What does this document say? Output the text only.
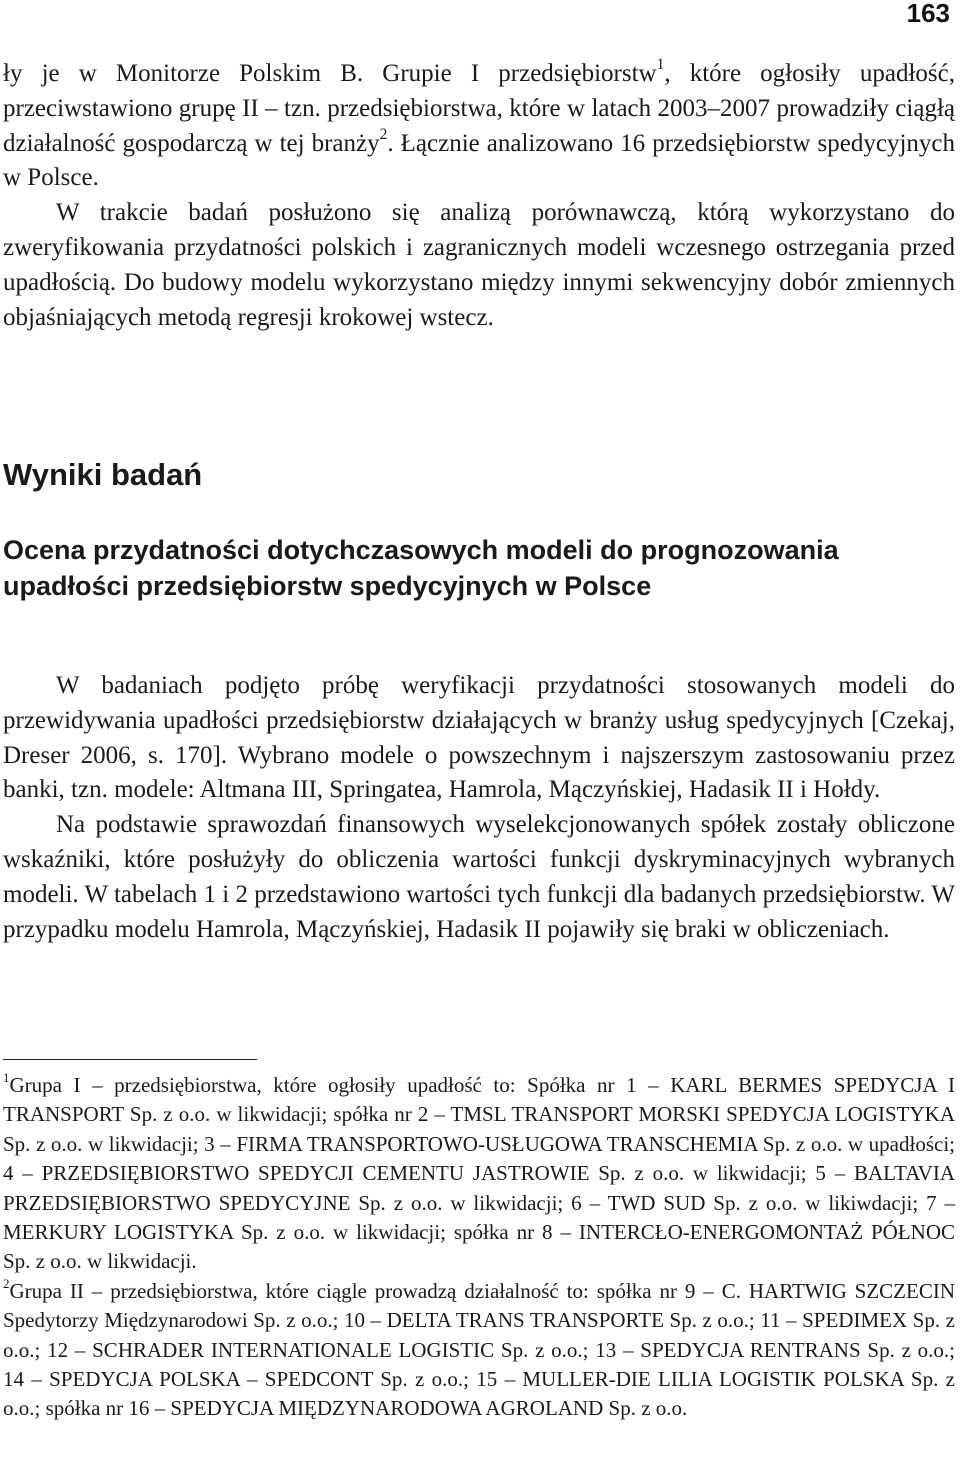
163

ły je w Monitorze Polskim B. Grupie I przedsiębiorstw$^1$, które ogłosiły upadłość, przeciwstawiono grupę II – tzn. przedsiębiorstwa, które w latach 2003–2007 prowadziły ciągłą działalność gospodarczą w tej branży$^2$. Łącznie analizowano 16 przedsiębiorstw spedycyjnych w Polsce.

W trakcie badań posłużono się analizą porównawczą, którą wykorzystano do zweryfikowania przydatności polskich i zagranicznych modeli wczesnego ostrzegania przed upadłością. Do budowy modelu wykorzystano między innymi sekwencyjny dobór zmiennych objaśniających metodą regresji krokowej wstecz.

Wyniki badań
Ocena przydatności dotychczasowych modeli do prognozowania upadłości przedsiębiorstw spedycyjnych w Polsce

W badaniach podjęto próbę weryfikacji przydatności stosowanych modeli do przewidywania upadłości przedsiębiorstw działających w branży usług spedycyjnych [Czekaj, Dreser 2006, s. 170]. Wybrano modele o powszechnym i najszerszym zastosowaniu przez banki, tzn. modele: Altmana III, Springatea, Hamrola, Mączyńskiej, Hadasik II i Hołdy.

Na podstawie sprawozdań finansowych wyselekcjonowanych spółek zostały obliczone wskaźniki, które posłużyły do obliczenia wartości funkcji dyskryminacyjnych wybranych modeli. W tabelach 1 i 2 przedstawiono wartości tych funkcji dla badanych przedsiębiorstw. W przypadku modelu Hamrola, Mączyńskiej, Hadasik II pojawiły się braki w obliczeniach.

$^1$Grupa I – przedsiębiorstwa, które ogłosiły upadłość to: Spółka nr 1 – KARL BERMES SPEDYCJA I TRANSPORT Sp. z o.o. w likwidacji; spółka nr 2 – TMSL TRANSPORT MORSKI SPEDYCJA LOGISTYKA Sp. z o.o. w likwidacji; 3 – FIRMA TRANSPORTOWO-USŁUGOWA TRANSCHEMIA Sp. z o.o. w upadłości; 4 – PRZEDSIĘBIORSTWO SPEDYCJI CEMENTU JASTROWIE Sp. z o.o. w likwidacji; 5 – BALTAVIA PRZEDSIĘBIORSTWO SPEDYCYJNE Sp. z o.o. w likwidacji; 6 – TWD SUD Sp. z o.o. w likiwdacji; 7 – MERKURY LOGISTYKA Sp. z o.o. w likwidacji; spółka nr 8 – INTERCŁO-ENERGOMONTAŻ PÓŁNOC Sp. z o.o. w likwidacji.

$^2$Grupa II – przedsiębiorstwa, które ciągle prowadzą działalność to: spółka nr 9 – C. HARTWIG SZCZECIN Spedytorzy Międzynarodowi Sp. z o.o.; 10 – DELTA TRANS TRANSPORTE Sp. z o.o.; 11 – SPEDIMEX Sp. z o.o.; 12 – SCHRADER INTERNATIONALE LOGISTIC Sp. z o.o.; 13 – SPEDYCJA RENTRANS Sp. z o.o.; 14 – SPEDYCJA POLSKA – SPEDCONT Sp. z o.o.; 15 – MULLER-DIE LILIA LOGISTIK POLSKA Sp. z o.o.; spółka nr 16 – SPEDYCJA MIĘDZYNARODOWA AGROLAND Sp. z o.o.
